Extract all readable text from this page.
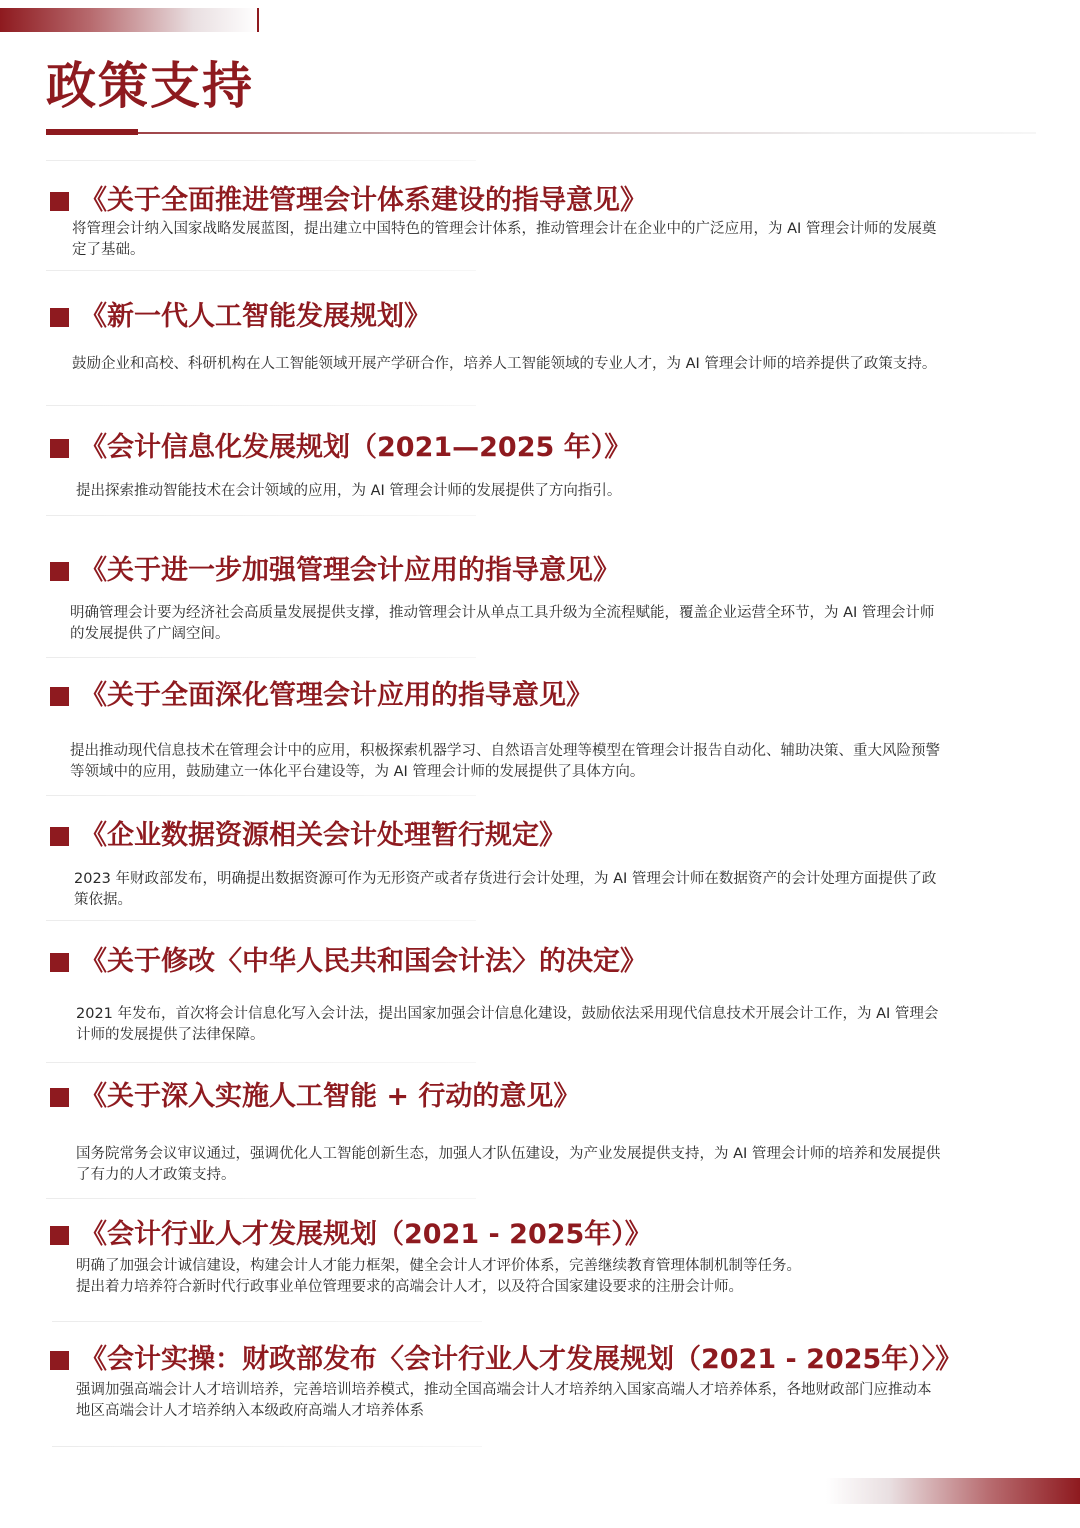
政策支持
《关于全面推进管理会计体系建设的指导意见》
将管理会计纳入国家战略发展蓝图，提出建立中国特色的管理会计体系，推动管理会计在企业中的广泛应用，为 AI 管理会计师的发展奠
定了基础。
《新一代人工智能发展规划》
鼓励企业和高校、科研机构在人工智能领域开展产学研合作，培养人工智能领域的专业人才，为 AI 管理会计师的培养提供了政策支持。
《会计信息化发展规划（2021—2025 年）》
提出探索推动智能技术在会计领域的应用，为 AI 管理会计师的发展提供了方向指引。
《关于进一步加强管理会计应用的指导意见》
明确管理会计要为经济社会高质量发展提供支撑，推动管理会计从单点工具升级为全流程赋能，覆盖企业运营全环节，为 AI 管理会计师
的发展提供了广阔空间。
《关于全面深化管理会计应用的指导意见》
提出推动现代信息技术在管理会计中的应用，积极探索机器学习、自然语言处理等模型在管理会计报告自动化、辅助决策、重大风险预警
等领域中的应用，鼓励建立一体化平台建设等，为 AI 管理会计师的发展提供了具体方向。
《企业数据资源相关会计处理暂行规定》
2023 年财政部发布，明确提出数据资源可作为无形资产或者存货进行会计处理，为 AI 管理会计师在数据资产的会计处理方面提供了政
策依据。
《关于修改〈中华人民共和国会计法〉的决定》
2021 年发布，首次将会计信息化写入会计法，提出国家加强会计信息化建设，鼓励依法采用现代信息技术开展会计工作，为 AI 管理会
计师的发展提供了法律保障。
《关于深入实施人工智能 + 行动的意见》
国务院常务会议审议通过，强调优化人工智能创新生态，加强人才队伍建设，为产业发展提供支持，为 AI 管理会计师的培养和发展提供
了有力的人才政策支持。
《会计行业人才发展规划（2021 - 2025年）》
明确了加强会计诚信建设，构建会计人才能力框架，健全会计人才评价体系，完善继续教育管理体制机制等任务。
提出着力培养符合新时代行政事业单位管理要求的高端会计人才，以及符合国家建设要求的注册会计师。
《会计实操：财政部发布〈会计行业人才发展规划（2021 - 2025年）〉》
强调加强高端会计人才培训培养，完善培训培养模式，推动全国高端会计人才培养纳入国家高端人才培养体系，各地财政部门应推动本
地区高端会计人才培养纳入本级政府高端人才培养体系
